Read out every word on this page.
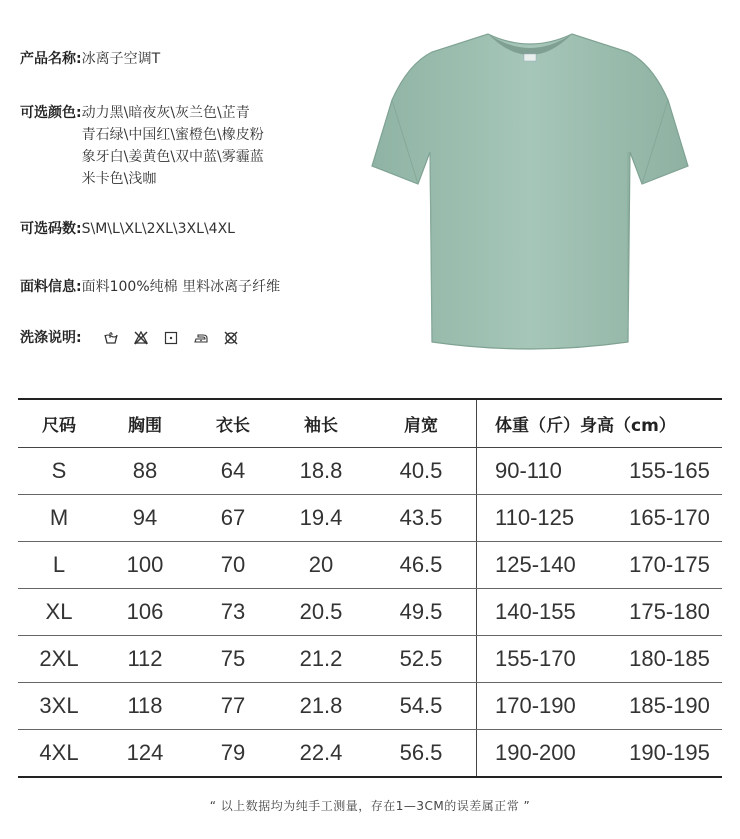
产品名称: 冰离子空调T
可选颜色: 动力黑\暗夜灰\灰兰色\芷青
青石绿\中国红\蜜橙色\橡皮粉
象牙白\姜黄色\双中蓝\雾霾蓝
米卡色\浅咖
可选码数: S\M\L\XL\2XL\3XL\4XL
面料信息: 面料100%纯棉 里料冰离子纤维
洗涤说明:
尺码	胸围	衣长	袖长	肩宽	体重（斤）身高（cm）	
S	88	64	18.8	40.5	90-110	155-165
M	94	67	19.4	43.5	110-125	165-170
L	100	70	20	46.5	125-140	170-175
XL	106	73	20.5	49.5	140-155	175-180
2XL	112	75	21.2	52.5	155-170	180-185
3XL	118	77	21.8	54.5	170-190	185-190
4XL	124	79	22.4	56.5	190-200	190-195
“ 以上数据均为纯手工测量，存在1—3CM的误差属正常 ”
